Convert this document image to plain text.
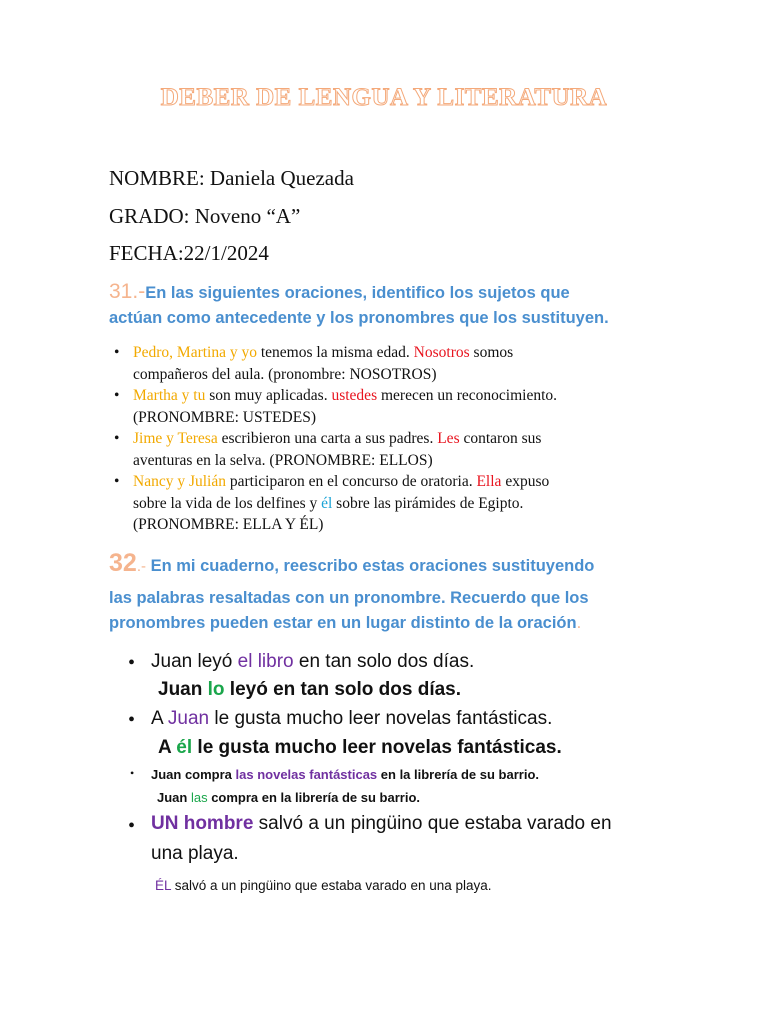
DEBER DE LENGUA Y LITERATURA
NOMBRE: Daniela Quezada
GRADO: Noveno “A”
FECHA:22/1/2024
31.-En las siguientes oraciones, identifico los sujetos que
actúan como antecedente y los pronombres que los sustituyen.
• Pedro, Martina y yo tenemos la misma edad. Nosotros somos
compañeros del aula. (pronombre: NOSOTROS)
• Martha y tu son muy aplicadas. ustedes merecen un reconocimiento.
(PRONOMBRE: USTEDES)
• Jime y Teresa escribieron una carta a sus padres. Les contaron sus
aventuras en la selva. (PRONOMBRE: ELLOS)
• Nancy y Julián participaron en el concurso de oratoria. Ella expuso
sobre la vida de los delfines y él sobre las pirámides de Egipto.
(PRONOMBRE: ELLA Y ÉL)
32.- En mi cuaderno, reescribo estas oraciones sustituyendo
las palabras resaltadas con un pronombre. Recuerdo que los
pronombres pueden estar en un lugar distinto de la oración.
• Juan leyó el libro en tan solo dos días.
Juan lo leyó en tan solo dos días.
• A Juan le gusta mucho leer novelas fantásticas.
A él le gusta mucho leer novelas fantásticas.
• Juan compra las novelas fantásticas en la librería de su barrio.
Juan las compra en la librería de su barrio.
• UN hombre salvó a un pingüino que estaba varado en
una playa.
ÉL salvó a un pingüino que estaba varado en una playa.
